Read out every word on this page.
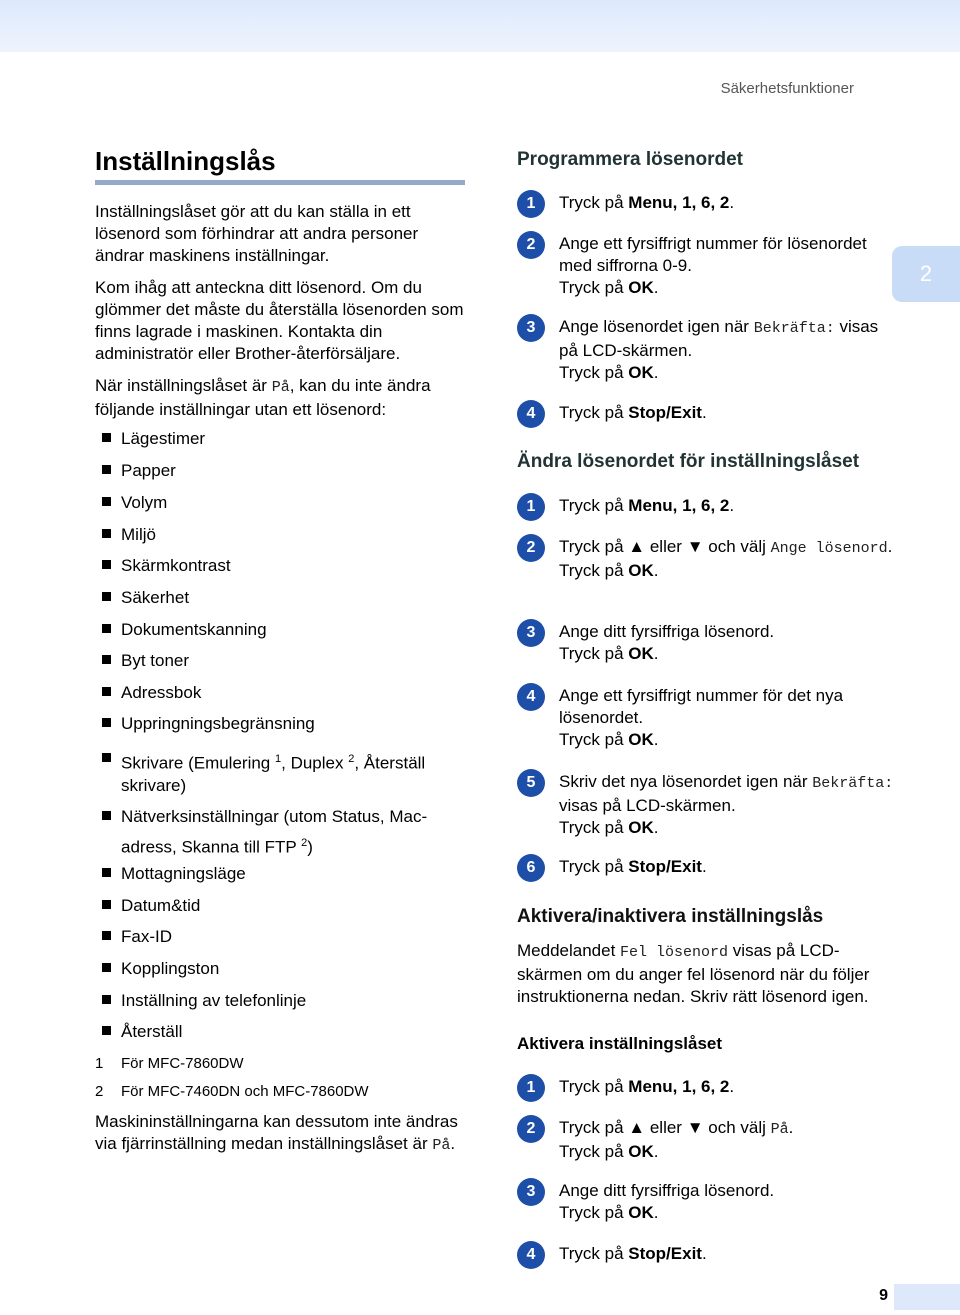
Säkerhetsfunktioner
2
Inställningslås

Inställningslåset gör att du kan ställa in ett lösenord som förhindrar att andra personer ändrar maskinens inställningar.

Kom ihåg att anteckna ditt lösenord. Om du glömmer det måste du återställa lösenorden som finns lagrade i maskinen. Kontakta din administratör eller Brother-återförsäljare.

När inställningslåset är På, kan du inte ändra följande inställningar utan ett lösenord:

Lägestimer
Papper
Volym
Miljö
Skärmkontrast
Säkerhet
Dokumentskanning
Byt toner
Adressbok
Uppringningsbegränsning
Skrivare (Emulering $^1$, Duplex $^2$, Återställ skrivare)
Nätverksinställningar (utom Status, Mac-adress, Skanna till FTP $^2$)
Mottagningsläge
Datum&tid
Fax-ID
Kopplingston
Inställning av telefonlinje
Återställ
1 För MFC-7860DW
2 För MFC-7460DN och MFC-7860DW

Maskininställningarna kan dessutom inte ändras via fjärrinställning medan inställningslåset är På.

Programmera lösenordet
1	Tryck på Menu, 1, 6, 2.
2	Ange ett fyrsiffrigt nummer för lösenordet med siffrorna 0-9.
Tryck på OK.
3	Ange lösenordet igen när Bekräfta: visas på LCD-skärmen.
Tryck på OK.
4	Tryck på Stop/Exit.
Ändra lösenordet för inställningslåset
1	Tryck på Menu, 1, 6, 2.
2	Tryck på ▲ eller ▼ och välj Ange lösenord.
Tryck på OK.
3	Ange ditt fyrsiffriga lösenord.
Tryck på OK.
4	Ange ett fyrsiffrigt nummer för det nya lösenordet.
Tryck på OK.
5	Skriv det nya lösenordet igen när Bekräfta: visas på LCD-skärmen.
Tryck på OK.
6	Tryck på Stop/Exit.
Aktivera/inaktivera inställningslås

Meddelandet Fel lösenord visas på LCD-skärmen om du anger fel lösenord när du följer instruktionerna nedan. Skriv rätt lösenord igen.

Aktivera inställningslåset
1	Tryck på Menu, 1, 6, 2.
2	Tryck på ▲ eller ▼ och välj På.
Tryck på OK.
3	Ange ditt fyrsiffriga lösenord.
Tryck på OK.
4	Tryck på Stop/Exit.
9
